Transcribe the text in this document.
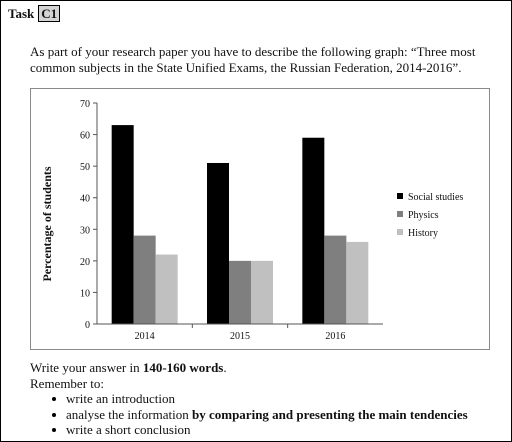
Task C1

As part of your research paper you have to describe the following graph: “Three most common subjects in the State Unified Exams, the Russian Federation, 2014-2016”.

0
10
20
30
40
50
60
70
2014	2015	2016
Percentage of students	Social studies
Physics
History

Write your answer in 140-160 words.

Remember to:

write an introduction
analyse the information by comparing and presenting the main tendencies
write a short conclusion
